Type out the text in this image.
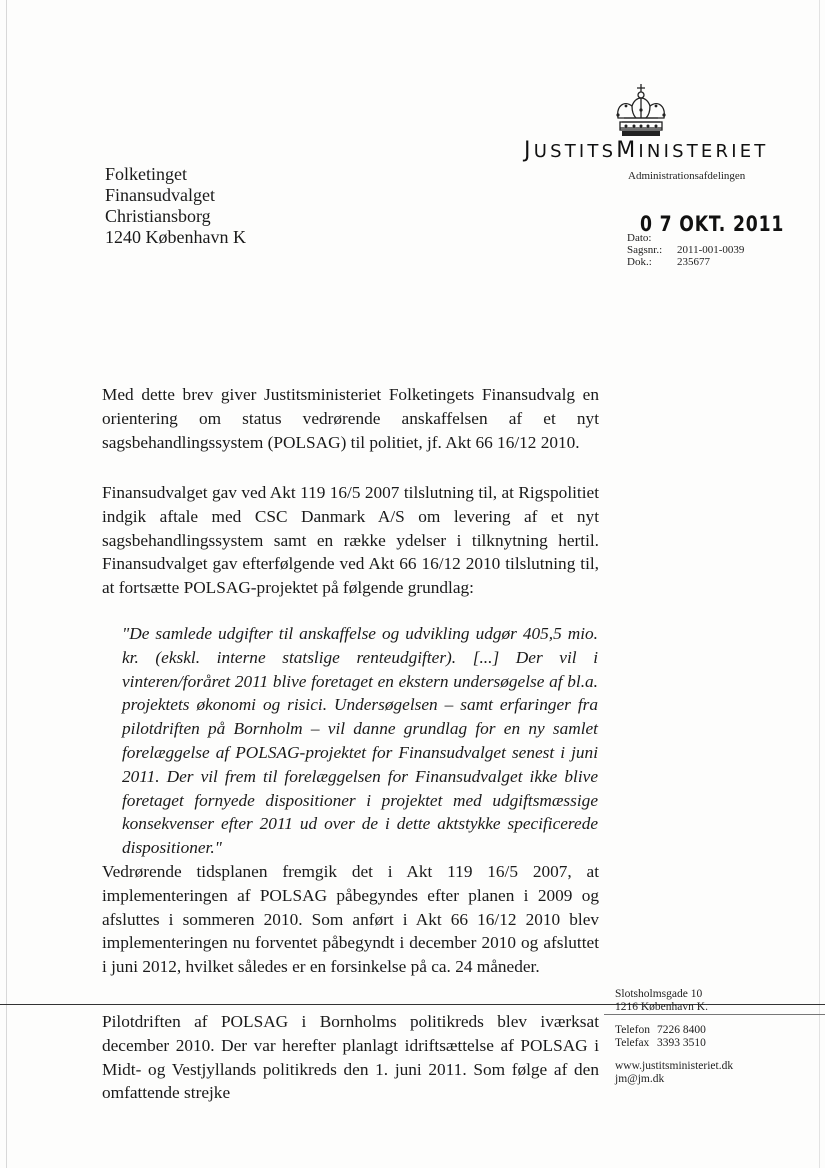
JUSTITSMINISTERIET
Administrationsafdelingen
Folketinget
Finansudvalget
Christiansborg
1240 København K
0 7 OKT. 2011
Dato:
Sagsnr.:	2011-001-0039
Dok.:	235677
Med dette brev giver Justitsministeriet Folketingets Finansudvalg en orientering om status vedrørende anskaffelsen af et nyt sagsbehandlingssystem (POLSAG) til politiet, jf. Akt 66 16/12 2010.
Finansudvalget gav ved Akt 119 16/5 2007 tilslutning til, at Rigspolitiet indgik aftale med CSC Danmark A/S om levering af et nyt sagsbehandlingssystem samt en række ydelser i tilknytning hertil. Finansudvalget gav efterfølgende ved Akt 66 16/12 2010 tilslutning til, at fortsætte POLSAG-projektet på følgende grundlag:
"De samlede udgifter til anskaffelse og udvikling udgør 405,5 mio. kr. (ekskl. interne statslige renteudgifter). [...] Der vil i vinteren/foråret 2011 blive foretaget en ekstern undersøgelse af bl.a. projektets økonomi og risici. Undersøgelsen – samt erfaringer fra pilotdriften på Bornholm – vil danne grundlag for en ny samlet forelæggelse af POLSAG-projektet for Finansudvalget senest i juni 2011. Der vil frem til forelæggelsen for Finansudvalget ikke blive foretaget fornyede dispositioner i projektet med udgiftsmæssige konsekvenser efter 2011 ud over de i dette aktstykke specificerede dispositioner."
Vedrørende tidsplanen fremgik det i Akt 119 16/5 2007, at implementeringen af POLSAG påbegyndes efter planen i 2009 og afsluttes i sommeren 2010. Som anført i Akt 66 16/12 2010 blev implementeringen nu forventet påbegyndt i december 2010 og afsluttet i juni 2012, hvilket således er en forsinkelse på ca. 24 måneder.
Pilotdriften af POLSAG i Bornholms politikreds blev iværksat december 2010. Der var herefter planlagt idriftsættelse af POLSAG i Midt- og Vestjyllands politikreds den 1. juni 2011. Som følge af den omfattende strejke
Slotsholmsgade 10
1216 København K.
Telefon 7226 8400
Telefax 3393 3510
www.justitsministeriet.dk
jm@jm.dk
